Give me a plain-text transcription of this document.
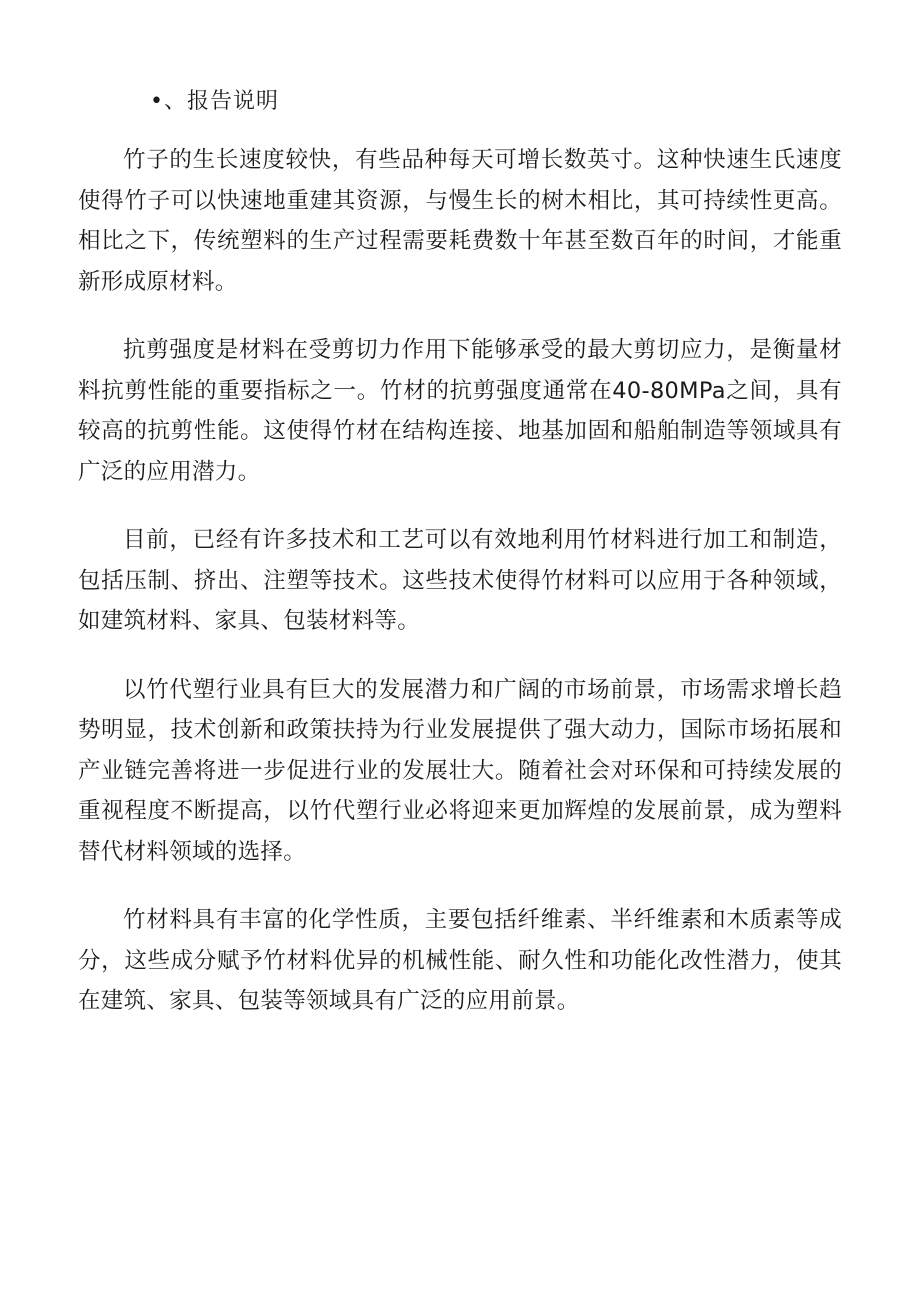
•、报告说明

竹子的生长速度较快，有些品种每天可增长数英寸。这种快速生氏速度使得竹子可以快速地重建其资源，与慢生长的树木相比，其可持续性更高。相比之下，传统塑料的生产过程需要耗费数十年甚至数百年的时间，才能重新形成原材料。

抗剪强度是材料在受剪切力作用下能够承受的最大剪切应力，是衡量材料抗剪性能的重要指标之一。竹材的抗剪强度通常在40-80MPa之间，具有较高的抗剪性能。这使得竹材在结构连接、地基加固和船舶制造等领域具有广泛的应用潜力。

目前，已经有许多技术和工艺可以有效地利用竹材料进行加工和制造，包括压制、挤出、注塑等技术。这些技术使得竹材料可以应用于各种领域，如建筑材料、家具、包装材料等。

以竹代塑行业具有巨大的发展潜力和广阔的市场前景，市场需求增长趋势明显，技术创新和政策扶持为行业发展提供了强大动力，国际市场拓展和产业链完善将进一步促进行业的发展壮大。随着社会对环保和可持续发展的重视程度不断提高，以竹代塑行业必将迎来更加辉煌的发展前景，成为塑料替代材料领域的选择。

竹材料具有丰富的化学性质，主要包括纤维素、半纤维素和木质素等成分，这些成分赋予竹材料优异的机械性能、耐久性和功能化改性潜力，使其在建筑、家具、包装等领域具有广泛的应用前景。
